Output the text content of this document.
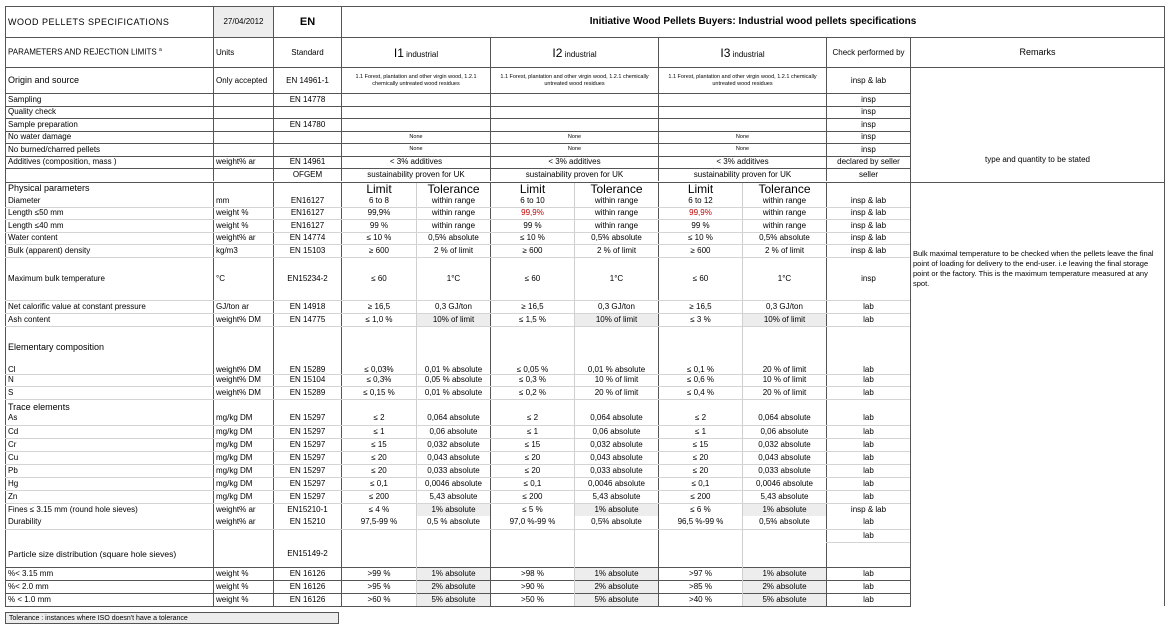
WOOD PELLETS SPECIFICATIONS	27/04/2012	EN	Initiative Wood Pellets Buyers: Industrial wood pellets specifications							
PARAMETERS AND REJECTION LIMITS $^a$	Units	Standard	I1 industrial		I2 industrial		I3 industrial		Check performed by	Remarks
Origin and source	Only accepted	EN 14961-1	1.1 Forest, plantation and other virgin wood, 1.2.1 chemically untreated wood residues		1.1 Forest, plantation and other virgin wood, 1.2.1 chemically untreated wood residues		1.1 Forest, plantation and other virgin wood, 1.2.1 chemically untreated wood residues		insp & lab	type and quantity to be stated
Sampling		EN 14778							insp	
Quality check									insp	
Sample preparation		EN 14780							insp	
No water damage			None		None		None		insp	
No burned/charred pellets			None		None		None		insp	
Additives (composition, mass )	weight% ar	EN 14961	< 3% additives		< 3% additives		< 3% additives		declared by seller	
		OFGEM	sustainability proven for UK		sustainability proven for UK		sustainability proven for UK		seller	

Physical parameters			Limit	Tolerance	Limit	Tolerance	Limit	Tolerance		Bulk maximal temperature to be checked when the pellets leave the final point of loading for delivery to the end-user. i.e leaving the final storage point or the factory. This is the maximum temperature measured at any spot.

Diameter	mm	EN16127	6 to 8	within range	6 to 10	within range	6 to 12	within range	insp & lab	
Length ≤50 mm	weight %	EN16127	99,9%	within range	99,9%	within range	99,9%	within range	insp & lab	
Length ≤40 mm	weight %	EN16127	99 %	within range	99 %	within range	99 %	within range	insp & lab	
Water content	weight% ar	EN 14774	≤ 10 %	0,5% absolute	≤ 10 %	0,5% absolute	≤ 10 %	0,5% absolute	insp & lab	
Bulk (apparent) density	kg/m3	EN 15103	≥ 600	2 % of limit	≥ 600	2 % of limit	≥ 600	2 % of limit	insp & lab	
Maximum bulk temperature	°C	EN15234-2	≤ 60	1°C	≤ 60	1°C	≤ 60	1°C	insp	
Net calorific value at constant pressure	GJ/ton ar	EN 14918	≥ 16,5	0,3 GJ/ton	≥ 16,5	0,3 GJ/ton	≥ 16,5	0,3 GJ/ton	lab	
Ash content	weight% DM	EN 14775	≤ 1,0 %	10% of limit	≤ 1,5 %	10% of limit	≤ 3 %	10% of limit	lab	

Elementary composition										
Cl	weight% DM	EN 15289	≤ 0,03%	0,01 % absolute	≤ 0,05 %	0,01 % absolute	≤ 0,1 %	20 % of limit	lab	
N	weight% DM	EN 15104	≤ 0,3%	0,05 % absolute	≤ 0,3 %	10 % of limit	≤ 0,6 %	10 % of limit	lab	
S	weight% DM	EN 15289	≤ 0,15 %	0,01 % absolute	≤ 0,2 %	20 % of limit	≤ 0,4 %	20 % of limit	lab	
Trace elements										
As	mg/kg DM	EN 15297	≤ 2	0,064 absolute	≤ 2	0,064 absolute	≤ 2	0,064 absolute	lab	
Cd	mg/kg DM	EN 15297	≤ 1	0,06 absolute	≤ 1	0,06 absolute	≤ 1	0,06 absolute	lab	
Cr	mg/kg DM	EN 15297	≤ 15	0,032 absolute	≤ 15	0,032 absolute	≤ 15	0,032 absolute	lab	
Cu	mg/kg DM	EN 15297	≤ 20	0,043 absolute	≤ 20	0,043 absolute	≤ 20	0,043 absolute	lab	
Pb	mg/kg DM	EN 15297	≤ 20	0,033 absolute	≤ 20	0,033 absolute	≤ 20	0,033 absolute	lab	
Hg	mg/kg DM	EN 15297	≤ 0,1	0,0046 absolute	≤ 0,1	0,0046 absolute	≤ 0,1	0,0046 absolute	lab	
Zn	mg/kg DM	EN 15297	≤ 200	5,43 absolute	≤ 200	5,43 absolute	≤ 200	5,43 absolute	lab	
Fines ≤ 3.15 mm (round hole sieves)	weight% ar	EN15210-1	≤ 4 %	1% absolute	≤ 5 %	1% absolute	≤ 6 %	1% absolute	insp & lab	
Durability	weight% ar	EN 15210	97,5-99 %	0,5 % absolute	97,0 %-99 %	0,5% absolute	96,5 %-99 %	0,5% absolute	lab	
									lab	
Particle size distribution (square hole sieves)		EN15149-2								
%< 3.15 mm	weight %	EN 16126	>99 %	1% absolute	>98 %	1% absolute	>97 %	1% absolute	lab	
%< 2.0 mm	weight %	EN 16126	>95 %	2% absolute	>90 %	2% absolute	>85 %	2% absolute	lab	
% < 1.0 mm	weight %	EN 16126	>60 %	5% absolute	>50 %	5% absolute	>40 %	5% absolute	lab	
Tolerance : instances where ISO doesn't have a tolerance
